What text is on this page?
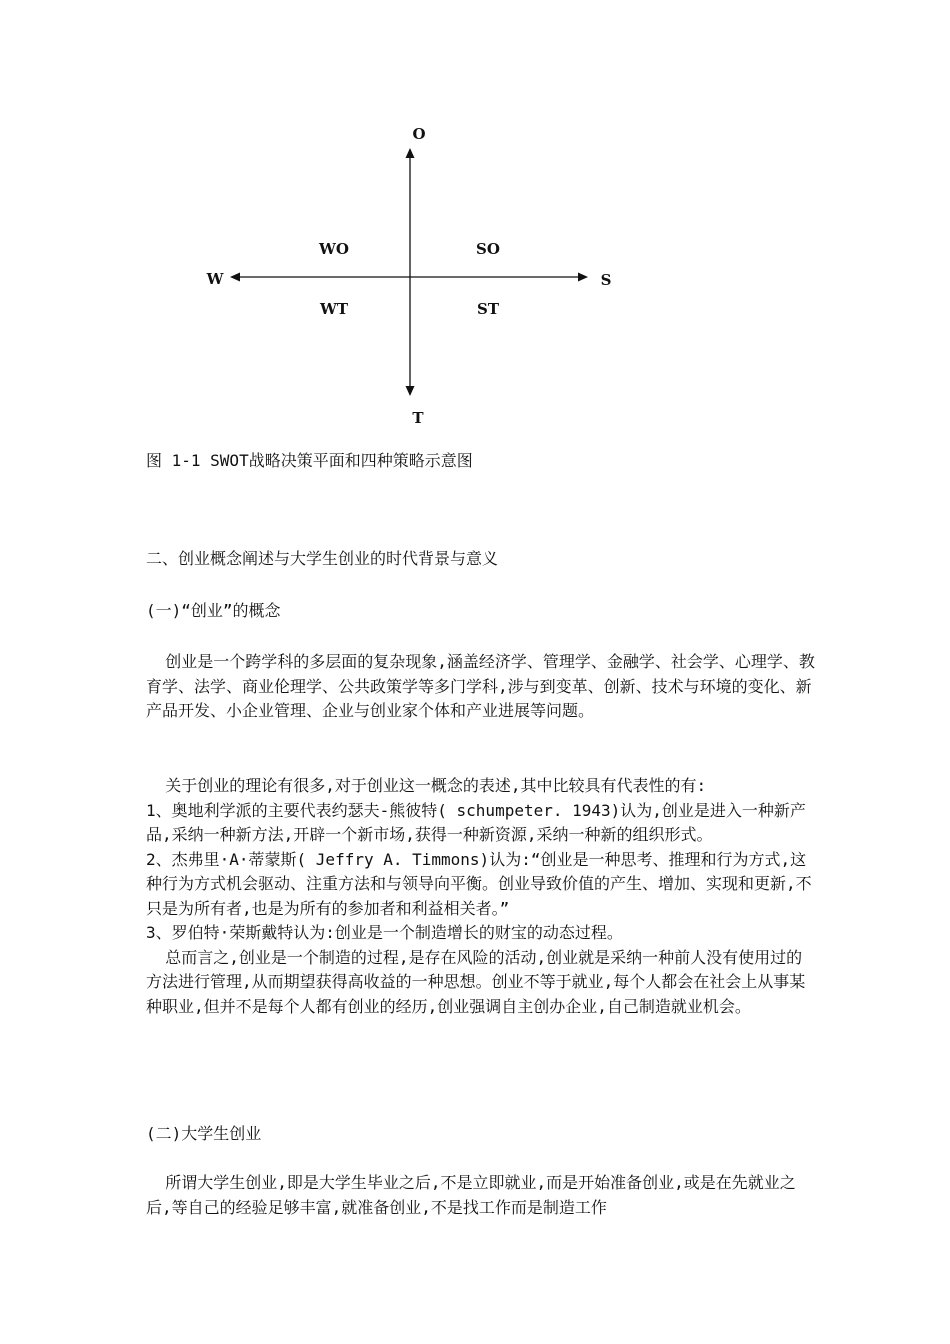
O
T
W	S
WO	SO
WT	ST
图 1-1 SWOT战略决策平面和四种策略示意图

二、创业概念阐述与大学生创业的时代背景与意义

(一)“创业”的概念

创业是一个跨学科的多层面的复杂现象,涵盖经济学、管理学、金融学、社会学、心理学、教育学、法学、商业伦理学、公共政策学等多门学科,涉与到变革、创新、技术与环境的变化、新产品开发、小企业管理、企业与创业家个体和产业进展等问题。

关于创业的理论有很多,对于创业这一概念的表述,其中比较具有代表性的有:

1、奥地利学派的主要代表约瑟夫-熊彼特( schumpeter. 1943)认为,创业是进入一种新产品,采纳一种新方法,开辟一个新市场,获得一种新资源,采纳一种新的组织形式。

2、杰弗里·A·蒂蒙斯( Jeffry A. Timmons)认为:“创业是一种思考、推理和行为方式,这种行为方式机会驱动、注重方法和与领导向平衡。创业导致价值的产生、增加、实现和更新,不只是为所有者,也是为所有的参加者和利益相关者。”

3、罗伯特·荣斯戴特认为:创业是一个制造增长的财宝的动态过程。

总而言之,创业是一个制造的过程,是存在风险的活动,创业就是采纳一种前人没有使用过的方法进行管理,从而期望获得高收益的一种思想。创业不等于就业,每个人都会在社会上从事某种职业,但并不是每个人都有创业的经历,创业强调自主创办企业,自己制造就业机会。

(二)大学生创业

所谓大学生创业,即是大学生毕业之后,不是立即就业,而是开始准备创业,或是在先就业之后,等自己的经验足够丰富,就准备创业,不是找工作而是制造工作
